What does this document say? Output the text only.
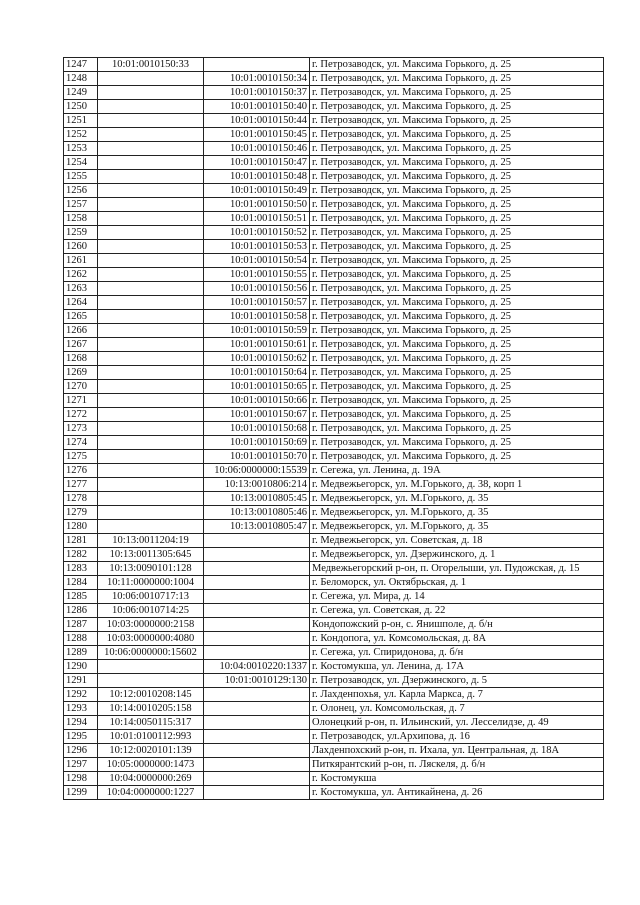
1247	10:01:0010150:33		г. Петрозаводск, ул. Максима Горького, д. 25
1248		10:01:0010150:34	г. Петрозаводск, ул. Максима Горького, д. 25
1249		10:01:0010150:37	г. Петрозаводск, ул. Максима Горького, д. 25
1250		10:01:0010150:40	г. Петрозаводск, ул. Максима Горького, д. 25
1251		10:01:0010150:44	г. Петрозаводск, ул. Максима Горького, д. 25
1252		10:01:0010150:45	г. Петрозаводск, ул. Максима Горького, д. 25
1253		10:01:0010150:46	г. Петрозаводск, ул. Максима Горького, д. 25
1254		10:01:0010150:47	г. Петрозаводск, ул. Максима Горького, д. 25
1255		10:01:0010150:48	г. Петрозаводск, ул. Максима Горького, д. 25
1256		10:01:0010150:49	г. Петрозаводск, ул. Максима Горького, д. 25
1257		10:01:0010150:50	г. Петрозаводск, ул. Максима Горького, д. 25
1258		10:01:0010150:51	г. Петрозаводск, ул. Максима Горького, д. 25
1259		10:01:0010150:52	г. Петрозаводск, ул. Максима Горького, д. 25
1260		10:01:0010150:53	г. Петрозаводск, ул. Максима Горького, д. 25
1261		10:01:0010150:54	г. Петрозаводск, ул. Максима Горького, д. 25
1262		10:01:0010150:55	г. Петрозаводск, ул. Максима Горького, д. 25
1263		10:01:0010150:56	г. Петрозаводск, ул. Максима Горького, д. 25
1264		10:01:0010150:57	г. Петрозаводск, ул. Максима Горького, д. 25
1265		10:01:0010150:58	г. Петрозаводск, ул. Максима Горького, д. 25
1266		10:01:0010150:59	г. Петрозаводск, ул. Максима Горького, д. 25
1267		10:01:0010150:61	г. Петрозаводск, ул. Максима Горького, д. 25
1268		10:01:0010150:62	г. Петрозаводск, ул. Максима Горького, д. 25
1269		10:01:0010150:64	г. Петрозаводск, ул. Максима Горького, д. 25
1270		10:01:0010150:65	г. Петрозаводск, ул. Максима Горького, д. 25
1271		10:01:0010150:66	г. Петрозаводск, ул. Максима Горького, д. 25
1272		10:01:0010150:67	г. Петрозаводск, ул. Максима Горького, д. 25
1273		10:01:0010150:68	г. Петрозаводск, ул. Максима Горького, д. 25
1274		10:01:0010150:69	г. Петрозаводск, ул. Максима Горького, д. 25
1275		10:01:0010150:70	г. Петрозаводск, ул. Максима Горького, д. 25
1276		10:06:0000000:15539	г. Сегежа, ул. Ленина, д. 19А
1277		10:13:0010806:214	г. Медвежьегорск, ул. М.Горького, д. 38, корп 1
1278		10:13:0010805:45	г. Медвежьегорск, ул. М.Горького, д. 35
1279		10:13:0010805:46	г. Медвежьегорск, ул. М.Горького, д. 35
1280		10:13:0010805:47	г. Медвежьегорск, ул. М.Горького, д. 35
1281	10:13:0011204:19		г. Медвежьегорск, ул. Советская, д. 18
1282	10:13:0011305:645		г. Медвежьегорск, ул. Дзержинского, д. 1
1283	10:13:0090101:128		Медвежьегорский р-он, п. Огорелыши, ул. Пудожская, д. 15
1284	10:11:0000000:1004		г. Беломорск, ул. Октябрьская, д. 1
1285	10:06:0010717:13		г. Сегежа, ул. Мира, д. 14
1286	10:06:0010714:25		г. Сегежа, ул. Советская, д. 22
1287	10:03:0000000:2158		Кондопожский р-он, с. Янишполе, д. б/н
1288	10:03:0000000:4080		г. Кондопога, ул. Комсомольская, д. 8А
1289	10:06:0000000:15602		г. Сегежа, ул. Спиридонова, д. б/н
1290		10:04:0010220:1337	г. Костомукша, ул. Ленина, д. 17А
1291		10:01:0010129:130	г. Петрозаводск, ул. Дзержинского, д. 5
1292	10:12:0010208:145		г. Лахденпохья, ул. Карла Маркса, д. 7
1293	10:14:0010205:158		г. Олонец, ул. Комсомольская, д. 7
1294	10:14:0050115:317		Олонецкий р-он, п. Ильинский, ул. Лесселидзе, д. 49
1295	10:01:0100112:993		г. Петрозаводск, ул.Архипова, д. 16
1296	10:12:0020101:139		Лахденпохский р-он, п. Ихала, ул. Центральная, д. 18А
1297	10:05:0000000:1473		Питкярантский р-он, п. Ляскеля, д. б/н
1298	10:04:0000000:269		г. Костомукша
1299	10:04:0000000:1227		г. Костомукша, ул. Антикайнена, д. 26
